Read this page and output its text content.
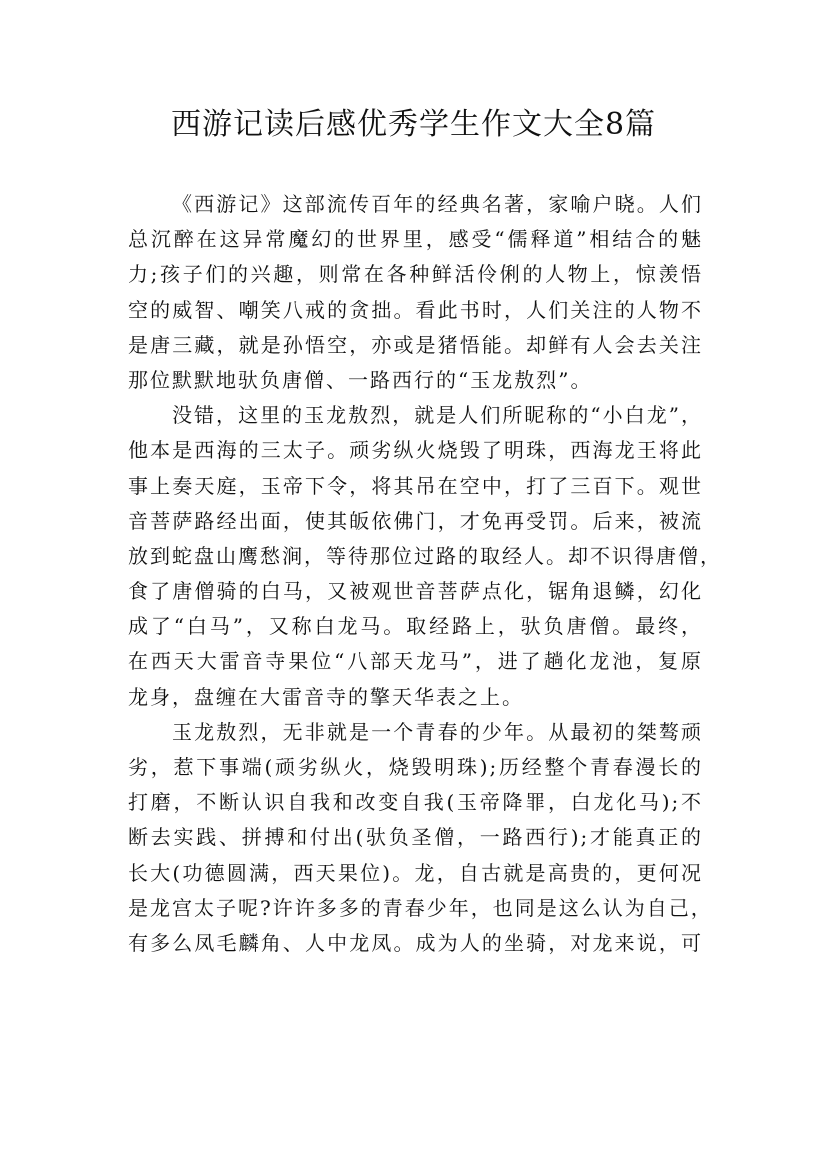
西游记读后感优秀学生作文大全8篇
《西游记》这部流传百年的经典名著，家喻户晓。人们
总沉醉在这异常魔幻的世界里，感受“儒释道”相结合的魅
力;孩子们的兴趣，则常在各种鲜活伶俐的人物上，惊羡悟
空的威智、嘲笑八戒的贪拙。看此书时，人们关注的人物不
是唐三藏，就是孙悟空，亦或是猪悟能。却鲜有人会去关注
那位默默地驮负唐僧、一路西行的“玉龙敖烈”。
没错，这里的玉龙敖烈，就是人们所昵称的“小白龙”，
他本是西海的三太子。顽劣纵火烧毁了明珠，西海龙王将此
事上奏天庭，玉帝下令，将其吊在空中，打了三百下。观世
音菩萨路经出面，使其皈依佛门，才免再受罚。后来，被流
放到蛇盘山鹰愁涧，等待那位过路的取经人。却不识得唐僧，
食了唐僧骑的白马，又被观世音菩萨点化，锯角退鳞，幻化
成了“白马”，又称白龙马。取经路上，驮负唐僧。最终，
在西天大雷音寺果位“八部天龙马”，进了趟化龙池，复原
龙身，盘缠在大雷音寺的擎天华表之上。
玉龙敖烈，无非就是一个青春的少年。从最初的桀骜顽
劣，惹下事端(顽劣纵火，烧毁明珠);历经整个青春漫长的
打磨，不断认识自我和改变自我(玉帝降罪，白龙化马);不
断去实践、拼搏和付出(驮负圣僧，一路西行);才能真正的
长大(功德圆满，西天果位)。龙，自古就是高贵的，更何况
是龙宫太子呢?许许多多的青春少年，也同是这么认为自己，
有多么凤毛麟角、人中龙凤。成为人的坐骑，对龙来说，可
